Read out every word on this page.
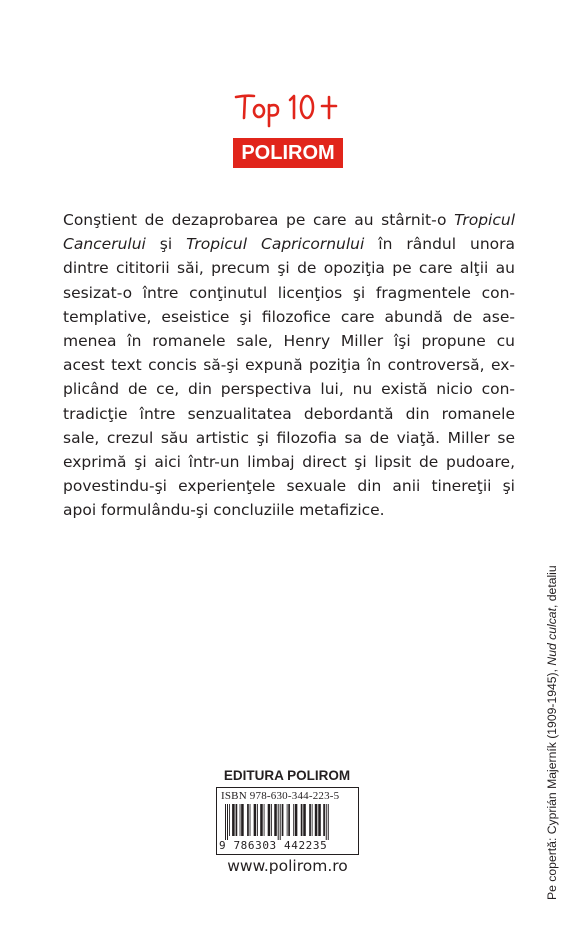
POLIROM
Conştient de dezaprobarea pe care au stârnit-o Tropicul
Cancerului şi Tropicul Capricornului în rândul unora
dintre cititorii săi, precum şi de opoziţia pe care alţii au
sesizat-o între conţinutul licenţios şi fragmentele con-
templative, eseistice şi filozofice care abundă de ase-
menea în romanele sale, Henry Miller îşi propune cu
acest text concis să-şi expună poziţia în controversă, ex-
plicând de ce, din perspectiva lui, nu există nicio con-
tradicţie între senzualitatea debordantă din romanele
sale, crezul său artistic şi filozofia sa de viaţă. Miller se
exprimă şi aici într-un limbaj direct şi lipsit de pudoare,
povestindu-şi experienţele sexuale din anii tinereţii şi
apoi formulându-şi concluziile metafizice.
Pe copertă: Cyprián Majerník (1909-1945), Nud culcat, detaliu
EDITURA POLIROM
ISBN 978-630-344-223-5
9 786303 442235
www.polirom.ro
